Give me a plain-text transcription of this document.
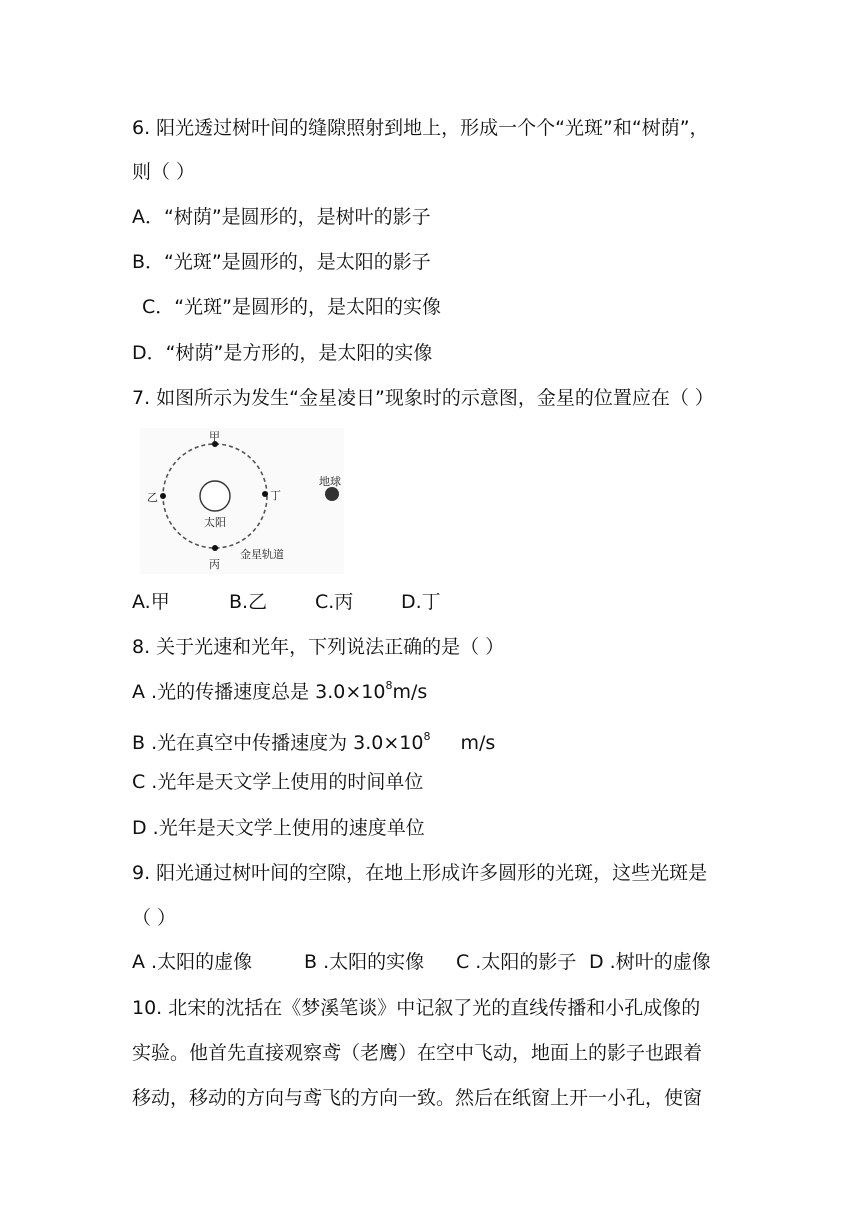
6. 阳光透过树叶间的缝隙照射到地上，形成一个个“光斑”和“树荫”，
则（ ）
A．“树荫”是圆形的，是树叶的影子
B．“光斑”是圆形的，是太阳的影子
C．“光斑”是圆形的，是太阳的实像
D．“树荫”是方形的，是太阳的实像
7. 如图所示为发生“金星凌日”现象时的示意图，金星的位置应在（ ）
甲
乙
丙
丁
太阳
地球
金星轨道
A.甲	B.乙	C.丙	D.丁
8. 关于光速和光年，下列说法正确的是（ ）
A .光的传播速度总是 $3.0\times 10^8m/s$
B .光在真空中传播速度为 $3.0\times 10^8$ m/s
C .光年是天文学上使用的时间单位
D .光年是天文学上使用的速度单位
9. 阳光通过树叶间的空隙，在地上形成许多圆形的光斑，这些光斑是
（ ）
A .太阳的虚像	B .太阳的实像 C .太阳的影子 D .树叶的虚像
10. 北宋的沈括在《梦溪笔谈》中记叙了光的直线传播和小孔成像的
实验。他首先直接观察鸢（老鹰）在空中飞动，地面上的影子也跟着
移动，移动的方向与鸢飞的方向一致。然后在纸窗上开一小孔，使窗
